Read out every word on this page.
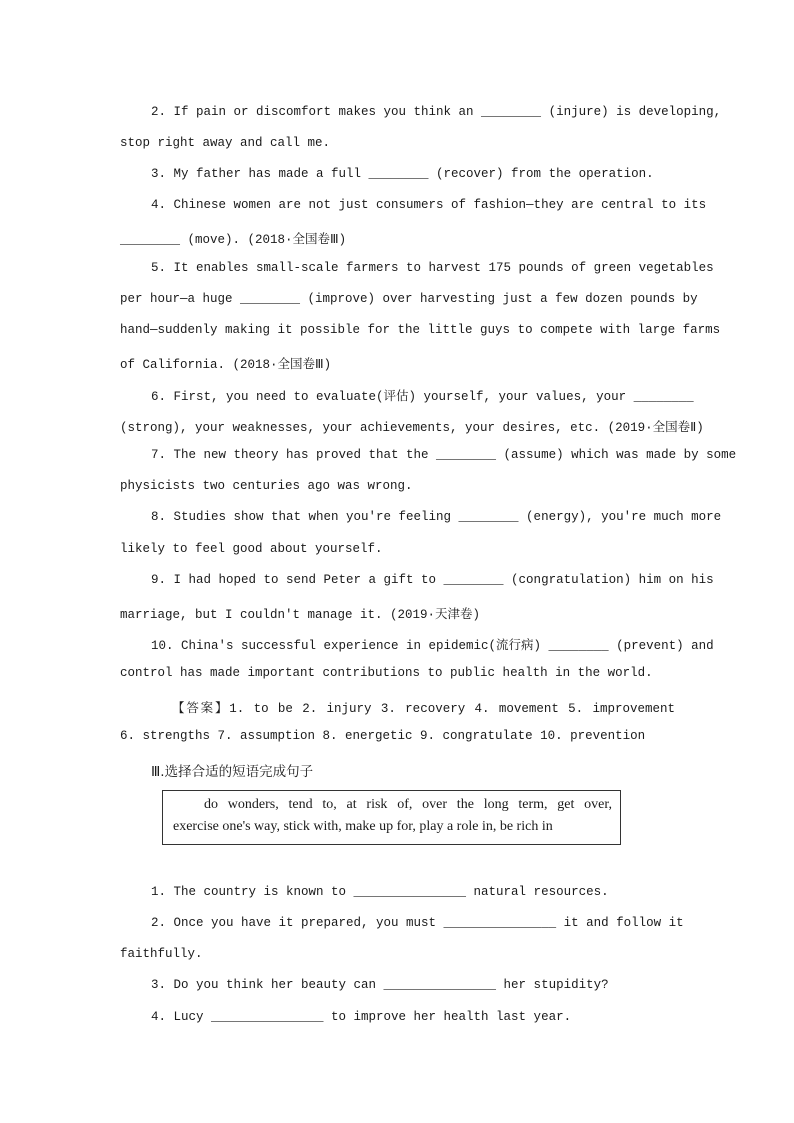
2. If pain or discomfort makes you think an ________ (injure) is developing,
stop right away and call me.
3. My father has made a full ________ (recover) from the operation.
4. Chinese women are not just consumers of fashion—they are central to its
________ (move). (2018·全国卷Ⅲ)
5. It enables small-scale farmers to harvest 175 pounds of green vegetables
per hour—a huge ________ (improve) over harvesting just a few dozen pounds by
hand—suddenly making it possible for the little guys to compete with large farms
of California. (2018·全国卷Ⅲ)
6. First, you need to evaluate(评估) yourself, your values, your ________
(strong), your weaknesses, your achievements, your desires, etc. (2019·全国卷Ⅱ)
7. The new theory has proved that the ________ (assume) which was made by some
physicists two centuries ago was wrong.
8. Studies show that when you're feeling ________ (energy), you're much more
likely to feel good about yourself.
9. I had hoped to send Peter a gift to ________ (congratulation) him on his
marriage, but I couldn't manage it. (2019·天津卷)
10. China's successful experience in epidemic(流行病) ________ (prevent) and
control has made important contributions to public health in the world.
【答案】1. to be 2. injury 3. recovery 4. movement 5. improvement
6. strengths 7. assumption 8. energetic 9. congratulate 10. prevention
Ⅲ.选择合适的短语完成句子
do wonders, tend to, at risk of, over the long term, get over,
exercise one's way, stick with, make up for, play a role in, be rich in
1. The country is known to _______________ natural resources.
2. Once you have it prepared, you must _______________ it and follow it
faithfully.
3. Do you think her beauty can _______________ her stupidity?
4. Lucy _______________ to improve her health last year.
